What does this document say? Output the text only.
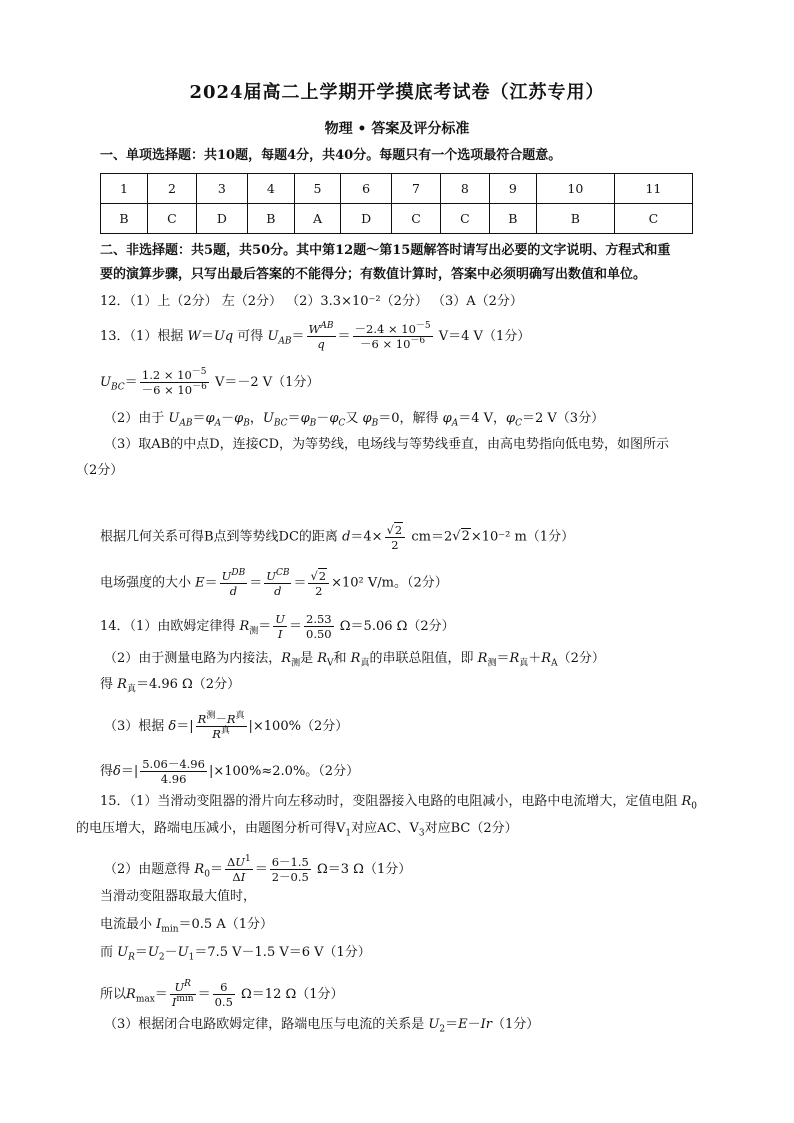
2024届高二上学期开学摸底考试卷（江苏专用）
物理 • 答案及评分标准
一、单项选择题：共10题，每题4分，共40分。每题只有一个选项最符合题意。
1	2	3	4	5	6	7	8	9	10	11
B	C	D	B	A	D	C	C	B	B	C
二、非选择题：共5题，共50分。其中第12题～第15题解答时请写出必要的文字说明、方程式和重
要的演算步骤，只写出最后答案的不能得分；有数值计算时，答案中必须明确写出数值和单位。
12．（1）上（2分） 左（2分） （2）3.3×10⁻²（2分） （3）A（2分）
13．（1）根据 W＝Uq 可得 $U_{AB}= \frac{W^{AB}}{q} = \frac{-2.4 \times 10^{-5}}{-6 \times 10^{-6}} V=4$ V（1分）
$U_{BC}= \frac{1.2 \times 10^{-5}}{-6 \times 10^{-6}} V=-2$ V（1分）
（2）由于 $U_{AB}=\varphi_A-\varphi_B$，$U_{BC}=\varphi_B-\varphi_C$又 $\varphi_B=0$，解得 $\varphi_A=4$ V，$\varphi_C=2$ V（3分）
（3）取AB的中点D，连接CD，为等势线，电场线与等势线垂直，由高电势指向低电势，如图所示
（2分）
根据几何关系可得B点到等势线DC的距离 $d=4\times \frac{√2}{2} cm=2√2\times 10^{-2}$ m（1分）
电场强度的大小 $E= \frac{U^{DB}}{d} = \frac{U^{CB}}{d} = \frac{√2}{2} \times 10^2$ V/m。（2分）
14．（1）由欧姆定律得 $R_测= \frac{U}{I} = \frac{2.53}{0.50} \Omega=5.06$ Ω（2分）
（2）由于测量电路为内接法，$R_测$是 $R_V$和 $R_真$的串联总阻值，即 $R_测=R_真+R_A(2$分）
得 $R_真=4.96$ Ω（2分）
（3）根据 $\delta=| \frac{R^测-R^真}{R^真} |\times 100\%(2$分）
得$\delta=| \frac{5.06-4.96}{4.96} |\times 100\%\approx 2.0\%$。（2分）
15．（1）当滑动变阻器的滑片向左移动时，变阻器接入电路的电阻减小，电路中电流增大，定值电阻 $R_0$
的电压增大，路端电压减小，由题图分析可得$V_1$对应AC、$V_3$对应BC（2分）
（2）由题意得 $R_0= \frac{\Delta U^1}{\Delta I} = \frac{6-1.5}{2-0.5} \Omega=3$ Ω（1分）
当滑动变阻器取最大值时，
电流最小 $I_{min}=0.5$ A（1分）
而 $U_R=U_2-U_1=7.5$ V－1.5 V＝6 V（1分）
所以$R_{max}= \frac{U^R}{I^{min}} = \frac{6}{0.5} \Omega=12$ Ω（1分）
（3）根据闭合电路欧姆定律，路端电压与电流的关系是 $U_2=E-Ir(1$分）
